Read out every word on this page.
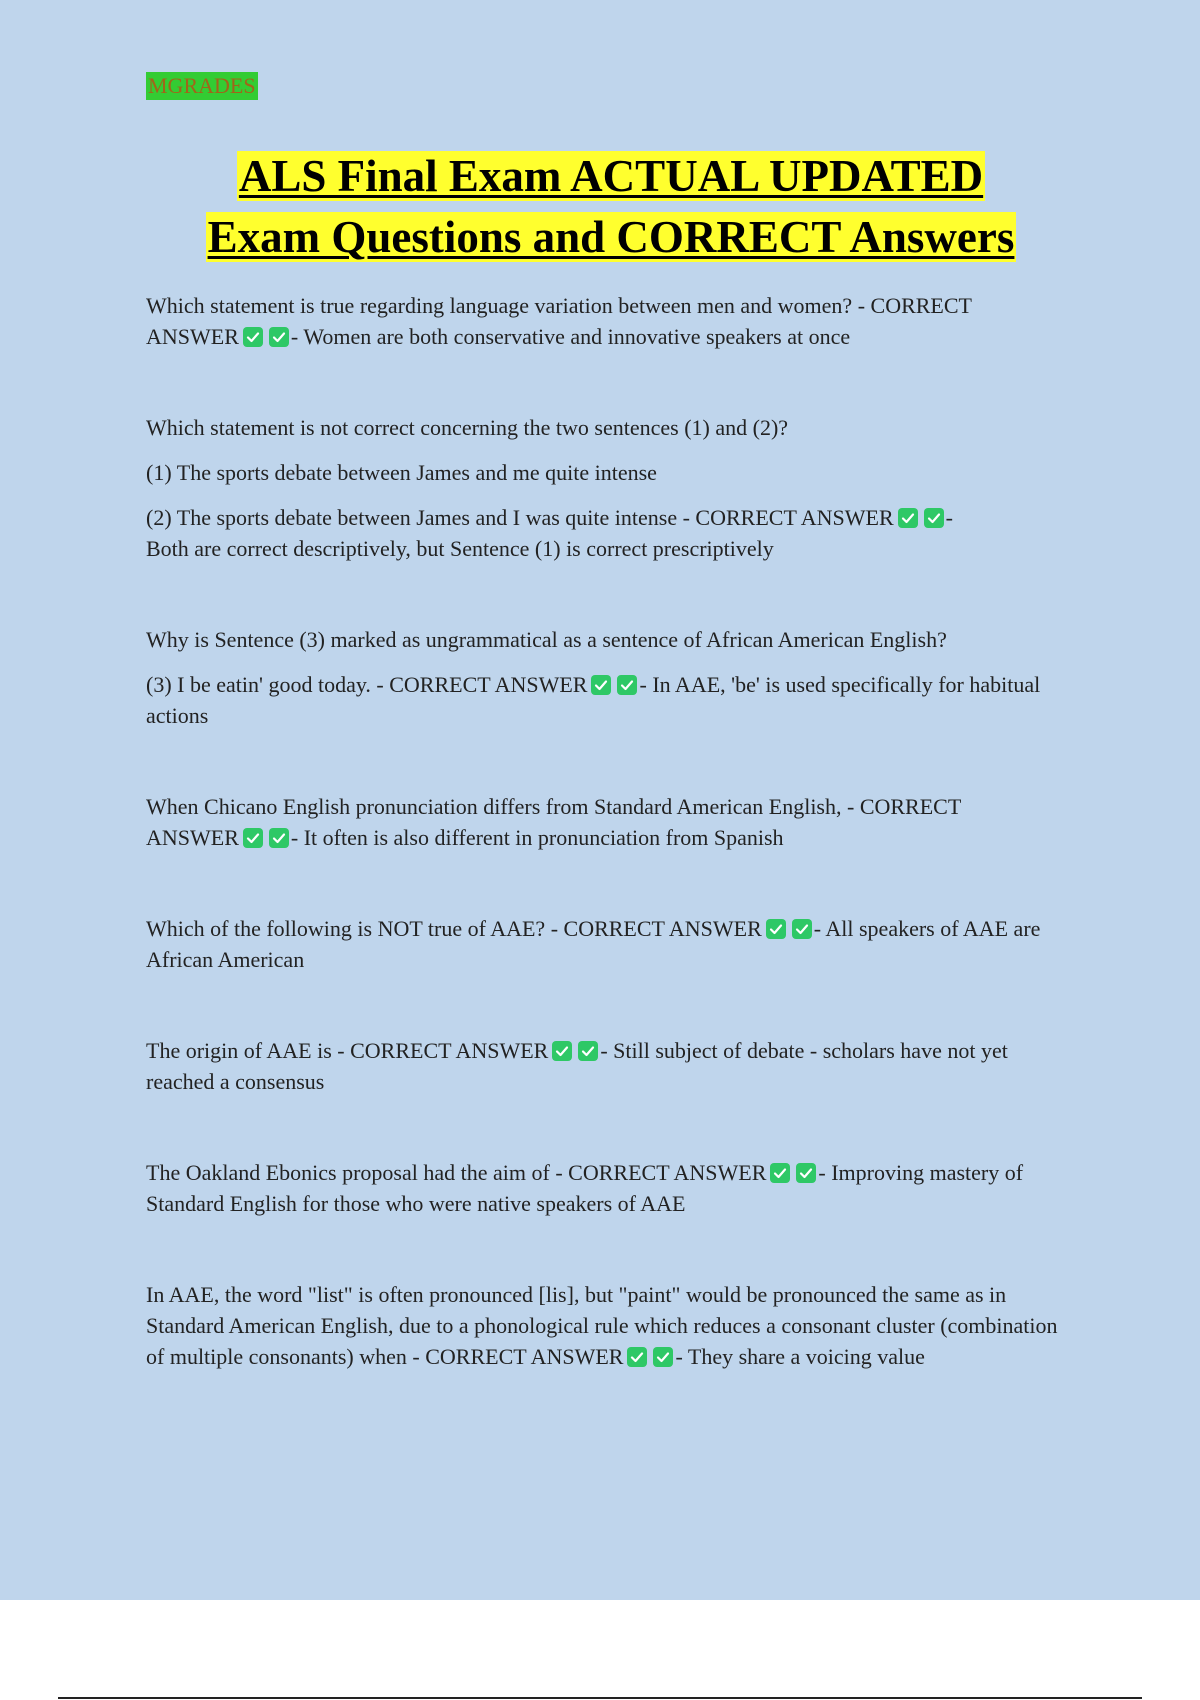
MGRADES
ALS Final Exam ACTUAL UPDATED
Exam Questions and CORRECT Answers

Which statement is true regarding language variation between men and women? - CORRECT
ANSWER - Women are both conservative and innovative speakers at once

Which statement is not correct concerning the two sentences (1) and (2)?

(1) The sports debate between James and me quite intense

(2) The sports debate between James and I was quite intense - CORRECT ANSWER -
Both are correct descriptively, but Sentence (1) is correct prescriptively

Why is Sentence (3) marked as ungrammatical as a sentence of African American English?

(3) I be eatin' good today. - CORRECT ANSWER - In AAE, 'be' is used specifically for habitual actions

When Chicano English pronunciation differs from Standard American English, - CORRECT
ANSWER - It often is also different in pronunciation from Spanish

Which of the following is NOT true of AAE? - CORRECT ANSWER - All speakers of AAE are African American

The origin of AAE is - CORRECT ANSWER - Still subject of debate - scholars have not yet reached a consensus

The Oakland Ebonics proposal had the aim of - CORRECT ANSWER - Improving mastery of Standard English for those who were native speakers of AAE

In AAE, the word "list" is often pronounced [lis], but "paint" would be pronounced the same as in Standard American English, due to a phonological rule which reduces a consonant cluster (combination of multiple consonants) when - CORRECT ANSWER - They share a voicing value
